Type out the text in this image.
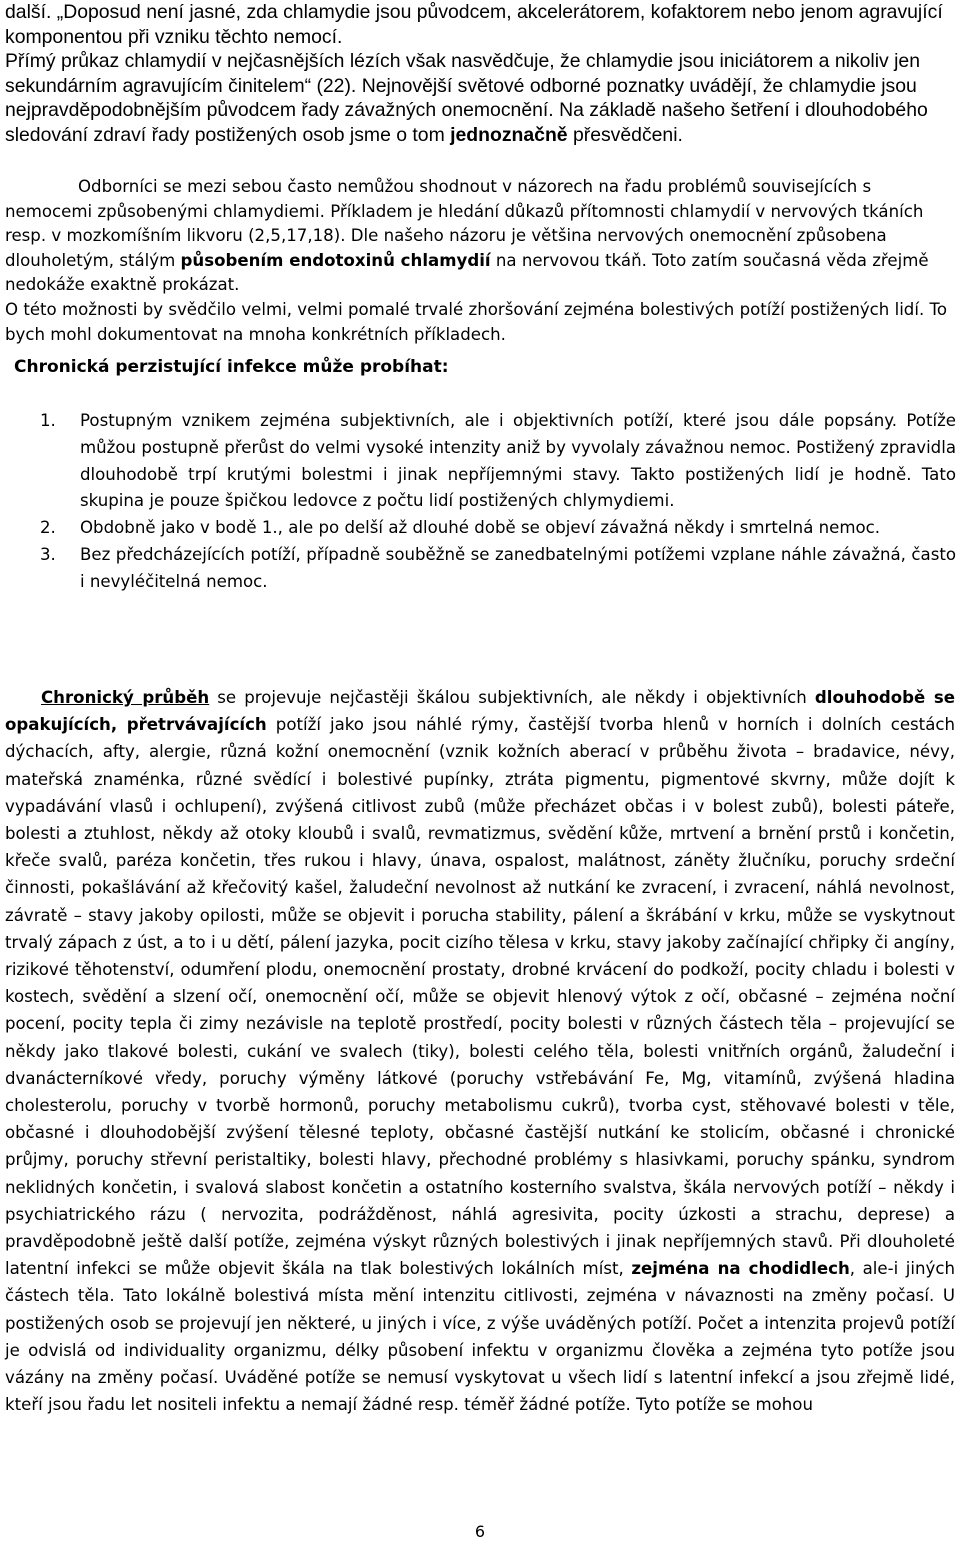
další. „Doposud není jasné, zda chlamydie jsou původcem, akcelerátorem, kofaktorem nebo jenom agravující komponentou při vzniku těchto nemocí.
Přímý průkaz chlamydií v nejčasnějších lézích však nasvědčuje, že chlamydie jsou iniciátorem a nikoliv jen sekundárním agravujícím činitelem“ (22). Nejnovější světové odborné poznatky uvádějí, že chlamydie jsou nejpravděpodobnějším původcem řady závažných onemocnění. Na základě našeho šetření i dlouhodobého sledování zdraví řady postižených osob jsme o tom jednoznačně přesvědčeni.
Odborníci se mezi sebou často nemůžou shodnout v názorech na řadu problémů souvisejících s nemocemi způsobenými chlamydiemi. Příkladem je hledání důkazů přítomnosti chlamydií v nervových tkáních resp. v mozkomíšním likvoru (2,5,17,18). Dle našeho názoru je většina nervových onemocnění způsobena dlouholetým, stálým působením endotoxinů chlamydií na nervovou tkáň. Toto zatím současná věda zřejmě nedokáže exaktně prokázat.
O této možnosti by svědčilo velmi, velmi pomalé trvalé zhoršování zejména bolestivých potíží postižených lidí. To bych mohl dokumentovat na mnoha konkrétních příkladech.
Chronická perzistující infekce může probíhat:
1. Postupným vznikem zejména subjektivních, ale i objektivních potíží, které jsou dále popsány. Potíže můžou postupně přerůst do velmi vysoké intenzity aniž by vyvolaly závažnou nemoc. Postižený zpravidla dlouhodobě trpí krutými bolestmi i jinak nepříjemnými stavy. Takto postižených lidí je hodně. Tato skupina je pouze špičkou ledovce z počtu lidí postižených chlymydiemi.
2. Obdobně jako v bodě 1., ale po delší až dlouhé době se objeví závažná někdy i smrtelná nemoc.
3. Bez předcházejících potíží, případně souběžně se zanedbatelnými potížemi vzplane náhle závažná, často i nevyléčitelná nemoc.
Chronický průběh se projevuje nejčastěji škálou subjektivních, ale někdy i objektivních dlouhodobě se opakujících, přetrvávajících potíží jako jsou náhlé rýmy, častější tvorba hlenů v horních i dolních cestách dýchacích, afty, alergie, různá kožní onemocnění (vznik kožních aberací v průběhu života – bradavice, névy, mateřská znaménka, různé svědící i bolestivé pupínky, ztráta pigmentu, pigmentové skvrny, může dojít k vypadávání vlasů i ochlupení), zvýšená citlivost zubů (může přecházet občas i v bolest zubů), bolesti páteře, bolesti a ztuhlost, někdy až otoky kloubů i svalů, revmatizmus, svědění kůže, mrtvení a brnění prstů i končetin, křeče svalů, paréza končetin, třes rukou i hlavy, únava, ospalost, malátnost, záněty žlučníku, poruchy srdeční činnosti, pokašlávání až křečovitý kašel, žaludeční nevolnost až nutkání ke zvracení, i zvracení, náhlá nevolnost, závratě – stavy jakoby opilosti, může se objevit i porucha stability, pálení a škrábání v krku, může se vyskytnout trvalý zápach z úst, a to i u dětí, pálení jazyka, pocit cizího tělesa v krku, stavy jakoby začínající chřipky či angíny, rizikové těhotenství, odumření plodu, onemocnění prostaty, drobné krvácení do podkoží, pocity chladu i bolesti v kostech, svědění a slzení očí, onemocnění očí, může se objevit hlenový výtok z očí, občasné – zejména noční pocení, pocity tepla či zimy nezávisle na teplotě prostředí, pocity bolesti v různých částech těla – projevující se někdy jako tlakové bolesti, cukání ve svalech (tiky), bolesti celého těla, bolesti vnitřních orgánů, žaludeční i dvanácterníkové vředy, poruchy výměny látkové (poruchy vstřebávání Fe, Mg, vitamínů, zvýšená hladina cholesterolu, poruchy v tvorbě hormonů, poruchy metabolismu cukrů), tvorba cyst, stěhovavé bolesti v těle, občasné i dlouhodobější zvýšení tělesné teploty, občasné častější nutkání ke stolicím, občasné i chronické průjmy, poruchy střevní peristaltiky, bolesti hlavy, přechodné problémy s hlasivkami, poruchy spánku, syndrom neklidných končetin, i svalová slabost končetin a ostatního kosterního svalstva, škála nervových potíží – někdy i psychiatrického rázu ( nervozita, podrážděnost, náhlá agresivita, pocity úzkosti a strachu, deprese) a pravděpodobně ještě další potíže, zejména výskyt různých bolestivých i jinak nepříjemných stavů. Při dlouholeté latentní infekci se může objevit škála na tlak bolestivých lokálních míst, zejména na chodidlech, ale-i jiných částech těla. Tato lokálně bolestivá místa mění intenzitu citlivosti, zejména v návaznosti na změny počasí. U postižených osob se projevují jen některé, u jiných i více, z výše uváděných potíží. Počet a intenzita projevů potíží je odvislá od individuality organizmu, délky působení infektu v organizmu člověka a zejména tyto potíže jsou vázány na změny počasí. Uváděné potíže se nemusí vyskytovat u všech lidí s latentní infekcí a jsou zřejmě lidé, kteří jsou řadu let nositeli infektu a nemají žádné resp. téměř žádné potíže. Tyto potíže se mohou
6
